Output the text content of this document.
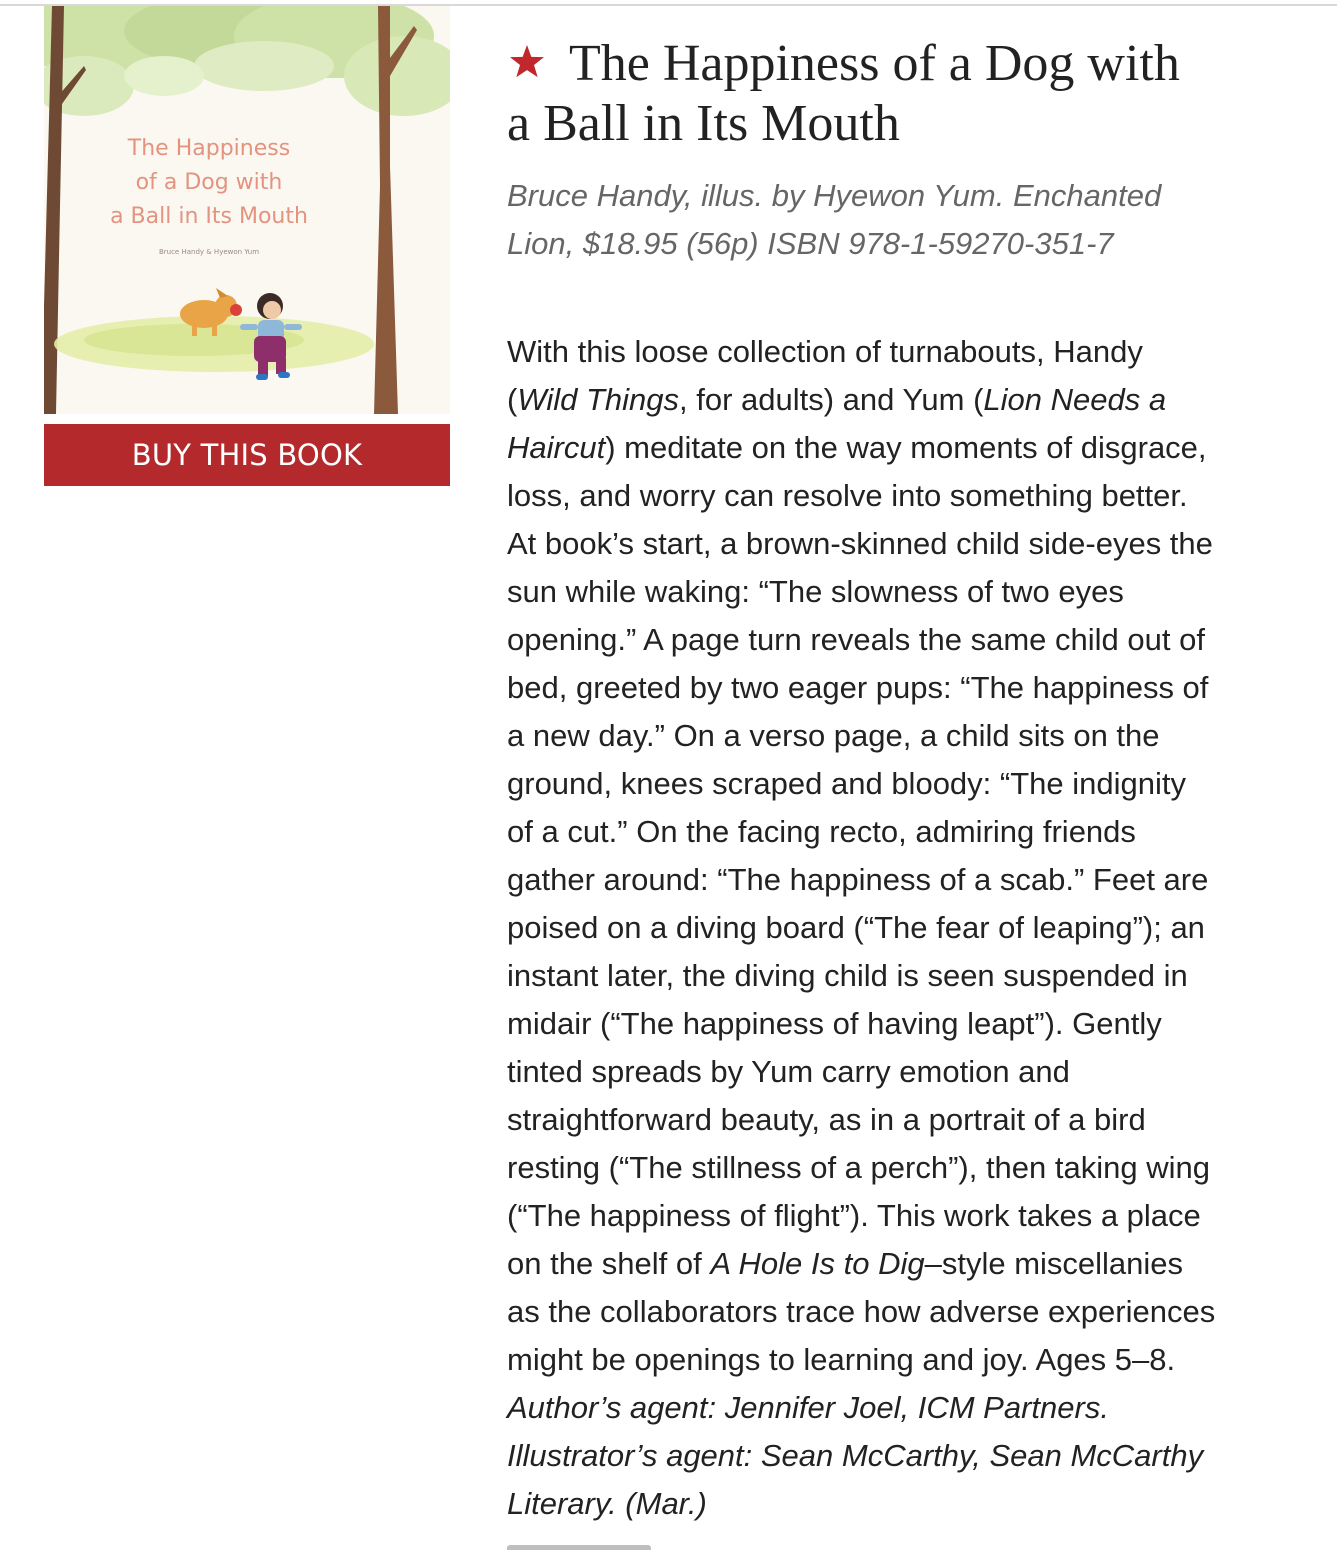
The Happiness
of a Dog with
a Ball in Its Mouth

Bruce Handy & Hyewon Yum
BUY THIS BOOK
The Happiness of a Dog with
a Ball in Its Mouth
Bruce Handy, illus. by Hyewon Yum. Enchanted
Lion, $18.95 (56p) ISBN 978-1-59270-351-7
With this loose collection of turnabouts, Handy
(Wild Things, for adults) and Yum (Lion Needs a
Haircut) meditate on the way moments of disgrace,
loss, and worry can resolve into something better.
At book’s start, a brown-skinned child side-eyes the
sun while waking: “The slowness of two eyes
opening.” A page turn reveals the same child out of
bed, greeted by two eager pups: “The happiness of
a new day.” On a verso page, a child sits on the
ground, knees scraped and bloody: “The indignity
of a cut.” On the facing recto, admiring friends
gather around: “The happiness of a scab.” Feet are
poised on a diving board (“The fear of leaping”); an
instant later, the diving child is seen suspended in
midair (“The happiness of having leapt”). Gently
tinted spreads by Yum carry emotion and
straightforward beauty, as in a portrait of a bird
resting (“The stillness of a perch”), then taking wing
(“The happiness of flight”). This work takes a place
on the shelf of A Hole Is to Dig–style miscellanies
as the collaborators trace how adverse experiences
might be openings to learning and joy. Ages 5–8.
Author’s agent: Jennifer Joel, ICM Partners.
Illustrator’s agent: Sean McCarthy, Sean McCarthy
Literary. (Mar.)
